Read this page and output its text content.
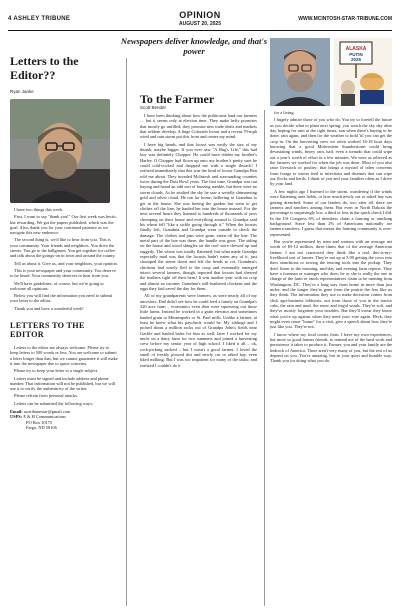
4 ASHLEY TRIBUNE	OPINION
AUGUST 20, 2025
WWW.MCINTOSH-STAR-TRIBUNE.COM
Newspapers deliver knowledge, and that's power
Letters to the Editor??
Ryan Janke

I have two things this week.

First, I want to say "thank you!" Our first week was hectic, but rewarding. We got the papers published, which was the goal. Also, thank you for your continued patience as we navigate this new endeavor.

The second thing is, we'd like to hear from you. This is your community. Your friends and neighbors. You drive the streets. You go to the ballgames. You get together for coffee and talk about the goings-on in town and around the county.

Tell us about it. Give us, and your neighbors, your opinion.

This is your newspaper and your community. You deserve to be heard. Your community deserves to hear from you.

We'll have guidelines, of course, but we're going to welcome all opinions.

Below you will find the information you need to submit your letter to the editor.

Thank you and have a wonderful week!

LETTERS TO THE EDITOR

Letters to the editor are always welcome. Please try to keep letters to 500 words or less. You are welcome to submit a letter longer than that, but we cannot guarantee it will make it into the newspaper due to space concerns.

Please try to keep your letter to a single subject.

Letters must be signed and include address and phone number. That information will not be published, but we will use it to verify the authenticity of the writer.

Please refrain from personal attacks.

Letters can be submitted the following ways:

Email: awtribunestar@gmail.com
USPS: E & H Communications
PO Box 10175
Fargo, ND 58106
To the Farmer
Scott Bender

I have been thinking about how the politicians laud our farmers … but it seems only at election time. They make hefty promises that mostly go unfilled, they promise new trade deals and markets that seldom develop. A huge Colorado locust and a recent 70-mph wind and rain storm put this front and center my mind.

I have big hands, and that locust was easily the size of my thumb, maybe bigger. If you ever saw "A Bug's Life," this bad boy was definitely Chopper. He could have ridden my brother's Harley. If Chopper had flown up onto my brother's pretty sure he could cold-cocked and dropped me with a single thwack! I realized immediately that this was the kind of locust Grandpa Ben told me about. They invaded McIntosh and surrounding counties twice during the Dust Bowl years. The first time, Grandpa was out haying and heard an odd sort of buzzing rumble, but there were no storm clouds. As he studied the sky he saw a weirdly shimmering gold and silver cloud. He ran for home, hollering to Grandma to get in the house. She was hoeing the garden but went to get clothes off the line; he hauled her into the house instead. For the next several hours they listened to hundreds of thousands of jaws chomping on their house and everything around it. Grandpa said his wheat fell "like a sickle going through it." When the locusts finally left, Grandma and Grandpa went outside to check the damage. The clothes and pins were gone, eaten off the line. The metal part of the hoe was there, the handle was gone. The siding on the house and wood shingles on the roof were chewed up and raggedy. The wheat was totally flattened, but what made Grandpa especially mad was that the locusts hadn't eaten any of it, just chomped the stems down and left the heads to rot. Grandma's chickens had wisely fled to the coop and eventually emerged intact; several farmers, though, reported that locusts had chewed the feathers right off their hens! It was another year with no crop and almost no income; Grandma's still-feathered chickens and the eggs they laid saved the day for them.

All of my grandparents were farmers, as were nearly all of my ancestors. Dad didn't see how he could feed a family on Grandpa's 320 acre farm – economics even then were squeezing out those little farms. Instead he worked in a grain elevator and sometimes hauled grain to Minneapolis or St. Paul mills. Unlike a farmer, at least he knew what his paycheck would be. My siblings and I picked about a million rocks out of Grandpa John's fields near Gackle and hauled bales for him as well; later I worked for my uncle on a dairy farm for two summers and joined a harvesting crew before my senior year of high school. I liked it all – ok, rock-picking sucked – but I wasn't a good farmer. I loved the smell of freshly plowed dirt and newly cut or raked hay, even liked milking. But I was too impatient for many of the tasks; and realized I couldn't do it

ALASKA
PUTIN
2025

for a living.

I hugely admire those of you who do. You try to foretell the future as you decide what to plant next spring; you watch the sky day after day hoping for rain at the right times, sun when there's haying to be done, rain again, and then for the weather to hold 'til you can get the crop in. On the harvesting crew we often worked 16-18 hour days knowing that a good Midwestern thunderstorm could bring devastating winds, heavy rain, hail, even a tornado that could wipe out a year's worth of effort in a few minutes. We were as relieved as the farmers we worked for when the job was done. Most of you also raise livestock or poultry; that brings a myriad of other concerns from forage to winter feed to infections and diseases that can wipe out flocks and herds. I think of you and your families often as I drive by your land.

A few nights ago I listened to the storm, wondering if the winds were flattening area fields, or how much newly cut or raked hay was getting drenched. Some of our leaders do, too; after all, there are farmers and ranchers among them. But even in North Dakota the percentage is surprisingly low, a third or less in the quick check I did. In the US Congress 6% of members claim a farming or ranching background. Since less than 2% of Americans nationally are farmers/ranchers, I guess that means the farming community is over-represented.

But you're represented by men and women with an average net worth of $5-12 million, three times that of the average American farmer. I am not convinced they think like a real, this-is-my-livelihood sort of farmer. They're not up at 5:00 getting the cows into their stanchions or towing the fencing tools into the pickup. They don't listen to the morning, mid-day and evening farm reports. They have a foreman or manager who does; he or she is really the one in charge of the farm or ranch representatives claim to be running from Washington, DC. They're a long way from home in more than just miles, and the longer they're gone from the prairie the less like us they think. The information they use to make decisions comes from slick agri-business lobbyists, not from those of you in the tractor cabs, the rain and mud, the snow and frigid winds. They're soft, and they've mostly forgotten your troubles. But they'll swear they know what you're up against when they need your vote again. Heck, they might even come "home" for a visit, give a speech about how they're just like you. They're not.

I know where my food comes from. I have my own experiences, but more so good farmer friends, to remind me of the hard work and persistence it takes to produce it. Farmer, you and your family are the bedrock of America. There aren't very many of you, but the rest of us depend on you. You're amazing, but in your quiet and humble way. Thank you for doing what you do.
